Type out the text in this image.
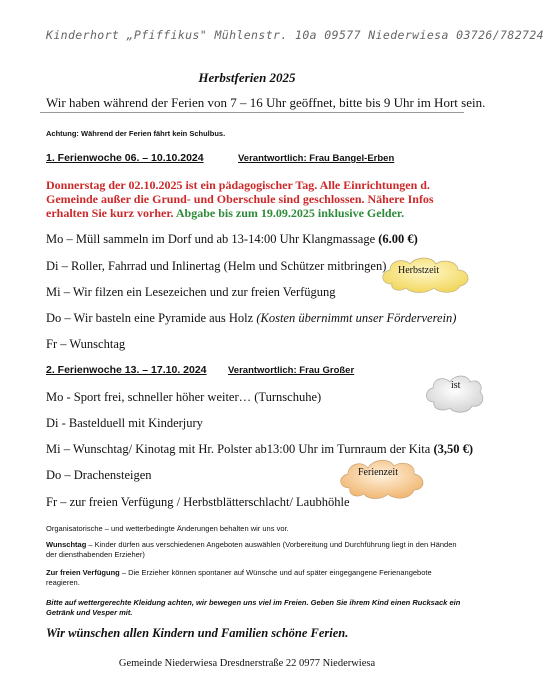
Kinderhort „Pfiffikus" Mühlenstr. 10a 09577 Niederwiesa 03726/782724
Herbstferien 2025
Wir haben während der Ferien von 7 – 16 Uhr geöffnet, bitte bis 9 Uhr im Hort sein.
Achtung: Während der Ferien fährt kein Schulbus.
1. Ferienwoche 06. – 10.10.2024	Verantwortlich: Frau Bangel-Erben
Donnerstag der 02.10.2025 ist ein pädagogischer Tag. Alle Einrichtungen d.
Gemeinde außer die Grund- und Oberschule sind geschlossen. Nähere Infos
erhalten Sie kurz vorher. Abgabe bis zum 19.09.2025 inklusive Gelder.
Mo – Müll sammeln im Dorf und ab 13-14:00 Uhr Klangmassage (6.00 €)
Di – Roller, Fahrrad und Inlinertag (Helm und Schützer mitbringen)
Mi – Wir filzen ein Lesezeichen und zur freien Verfügung
Do – Wir basteln eine Pyramide aus Holz (Kosten übernimmt unser Förderverein)
Fr – Wunschtag
2. Ferienwoche 13. – 17.10. 2024 Verantwortlich: Frau Großer
Mo - Sport frei, schneller höher weiter… (Turnschuhe)
Di - Bastelduell mit Kinderjury
Mi – Wunschtag/ Kinotag mit Hr. Polster ab13:00 Uhr im Turnraum der Kita (3,50 €)
Do – Drachensteigen
Fr – zur freien Verfügung / Herbstblätterschlacht/ Laubhöhle
Herbstzeit
ist
Ferienzeit
Organisatorische – und wetterbedingte Änderungen behalten wir uns vor.
Wunschtag – Kinder dürfen aus verschiedenen Angeboten auswählen (Vorbereitung und Durchführung liegt in den Händen der diensthabenden Erzieher)
Zur freien Verfügung – Die Erzieher können spontaner auf Wünsche und auf später eingegangene Ferienangebote reagieren.
Bitte auf wettergerechte Kleidung achten, wir bewegen uns viel im Freien. Geben Sie ihrem Kind einen Rucksack ein Getränk und Vesper mit.
Wir wünschen allen Kindern und Familien schöne Ferien.
Gemeinde Niederwiesa Dresdnerstraße 22 0977 Niederwiesa
